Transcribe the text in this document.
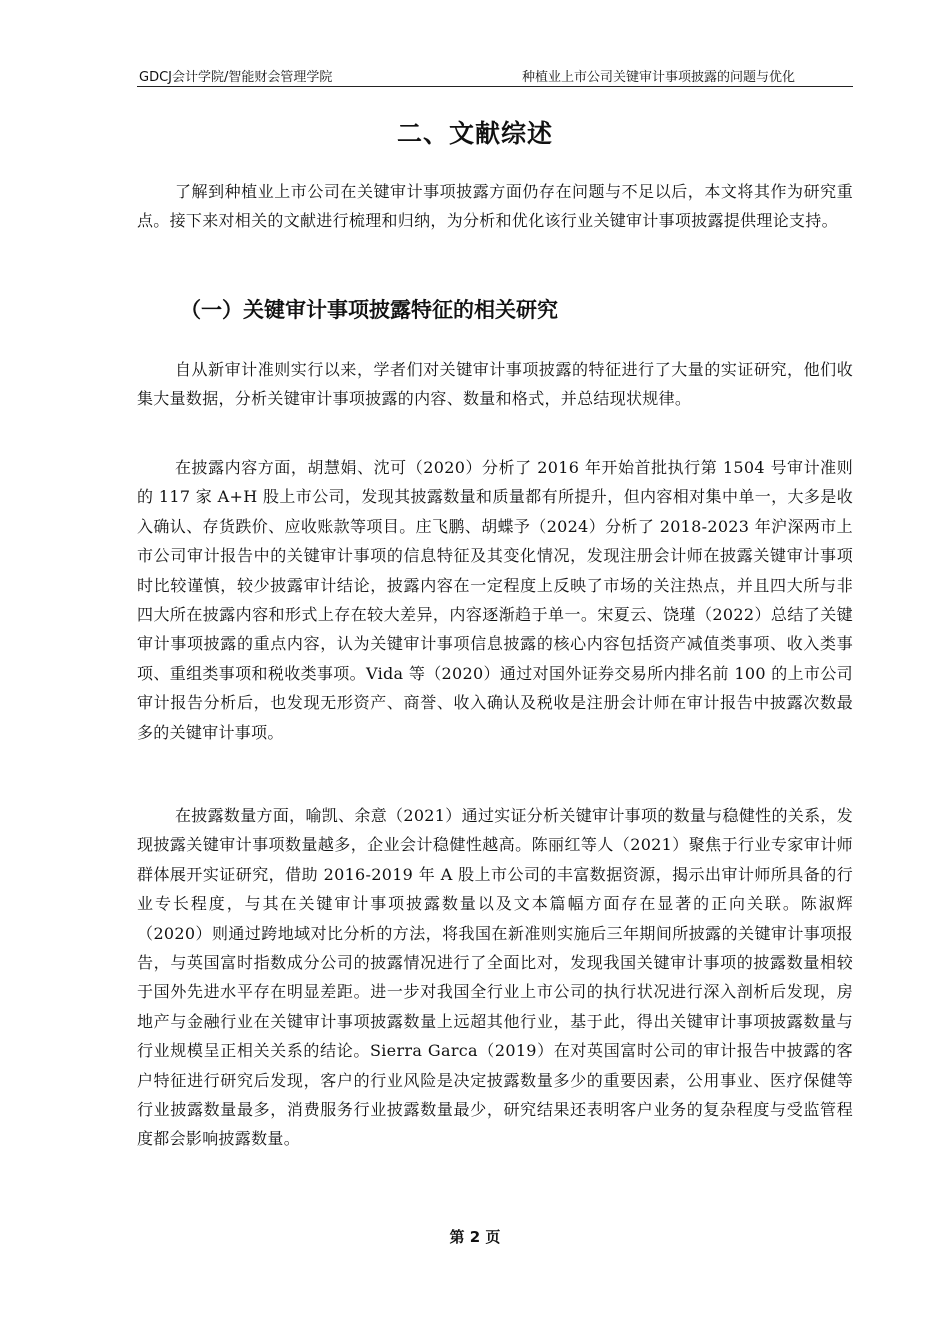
GDCJ会计学院/智能财会管理学院	种植业上市公司关键审计事项披露的问题与优化
二、文献综述

了解到种植业上市公司在关键审计事项披露方面仍存在问题与不足以后，本文将其作为研究重点。接下来对相关的文献进行梳理和归纳，为分析和优化该行业关键审计事项披露提供理论支持。

（一）关键审计事项披露特征的相关研究

自从新审计准则实行以来，学者们对关键审计事项披露的特征进行了大量的实证研究，他们收集大量数据，分析关键审计事项披露的内容、数量和格式，并总结现状规律。

在披露内容方面，胡慧娟、沈可（2020）分析了 2016 年开始首批执行第 1504 号审计准则的 117 家 A+H 股上市公司，发现其披露数量和质量都有所提升，但内容相对集中单一，大多是收入确认、存货跌价、应收账款等项目。庄飞鹏、胡蝶予（2024）分析了 2018-2023 年沪深两市上市公司审计报告中的关键审计事项的信息特征及其变化情况，发现注册会计师在披露关键审计事项时比较谨慎，较少披露审计结论，披露内容在一定程度上反映了市场的关注热点，并且四大所与非四大所在披露内容和形式上存在较大差异，内容逐渐趋于单一。宋夏云、饶瑾（2022）总结了关键审计事项披露的重点内容，认为关键审计事项信息披露的核心内容包括资产减值类事项、收入类事项、重组类事项和税收类事项。Vida 等（2020）通过对国外证券交易所内排名前 100 的上市公司审计报告分析后，也发现无形资产、商誉、收入确认及税收是注册会计师在审计报告中披露次数最多的关键审计事项。

在披露数量方面，喻凯、余意（2021）通过实证分析关键审计事项的数量与稳健性的关系，发现披露关键审计事项数量越多，企业会计稳健性越高。陈丽红等人（2021）聚焦于行业专家审计师群体展开实证研究，借助 2016-2019 年 A 股上市公司的丰富数据资源，揭示出审计师所具备的行业专长程度，与其在关键审计事项披露数量以及文本篇幅方面存在显著的正向关联。陈淑辉（2020）则通过跨地域对比分析的方法，将我国在新准则实施后三年期间所披露的关键审计事项报告，与英国富时指数成分公司的披露情况进行了全面比对，发现我国关键审计事项的披露数量相较于国外先进水平存在明显差距。进一步对我国全行业上市公司的执行状况进行深入剖析后发现，房地产与金融行业在关键审计事项披露数量上远超其他行业，基于此，得出关键审计事项披露数量与行业规模呈正相关关系的结论。Sierra Garca（2019）在对英国富时公司的审计报告中披露的客户特征进行研究后发现，客户的行业风险是决定披露数量多少的重要因素，公用事业、医疗保健等行业披露数量最多，消费服务行业披露数量最少，研究结果还表明客户业务的复杂程度与受监管程度都会影响披露数量。

第 2 页
